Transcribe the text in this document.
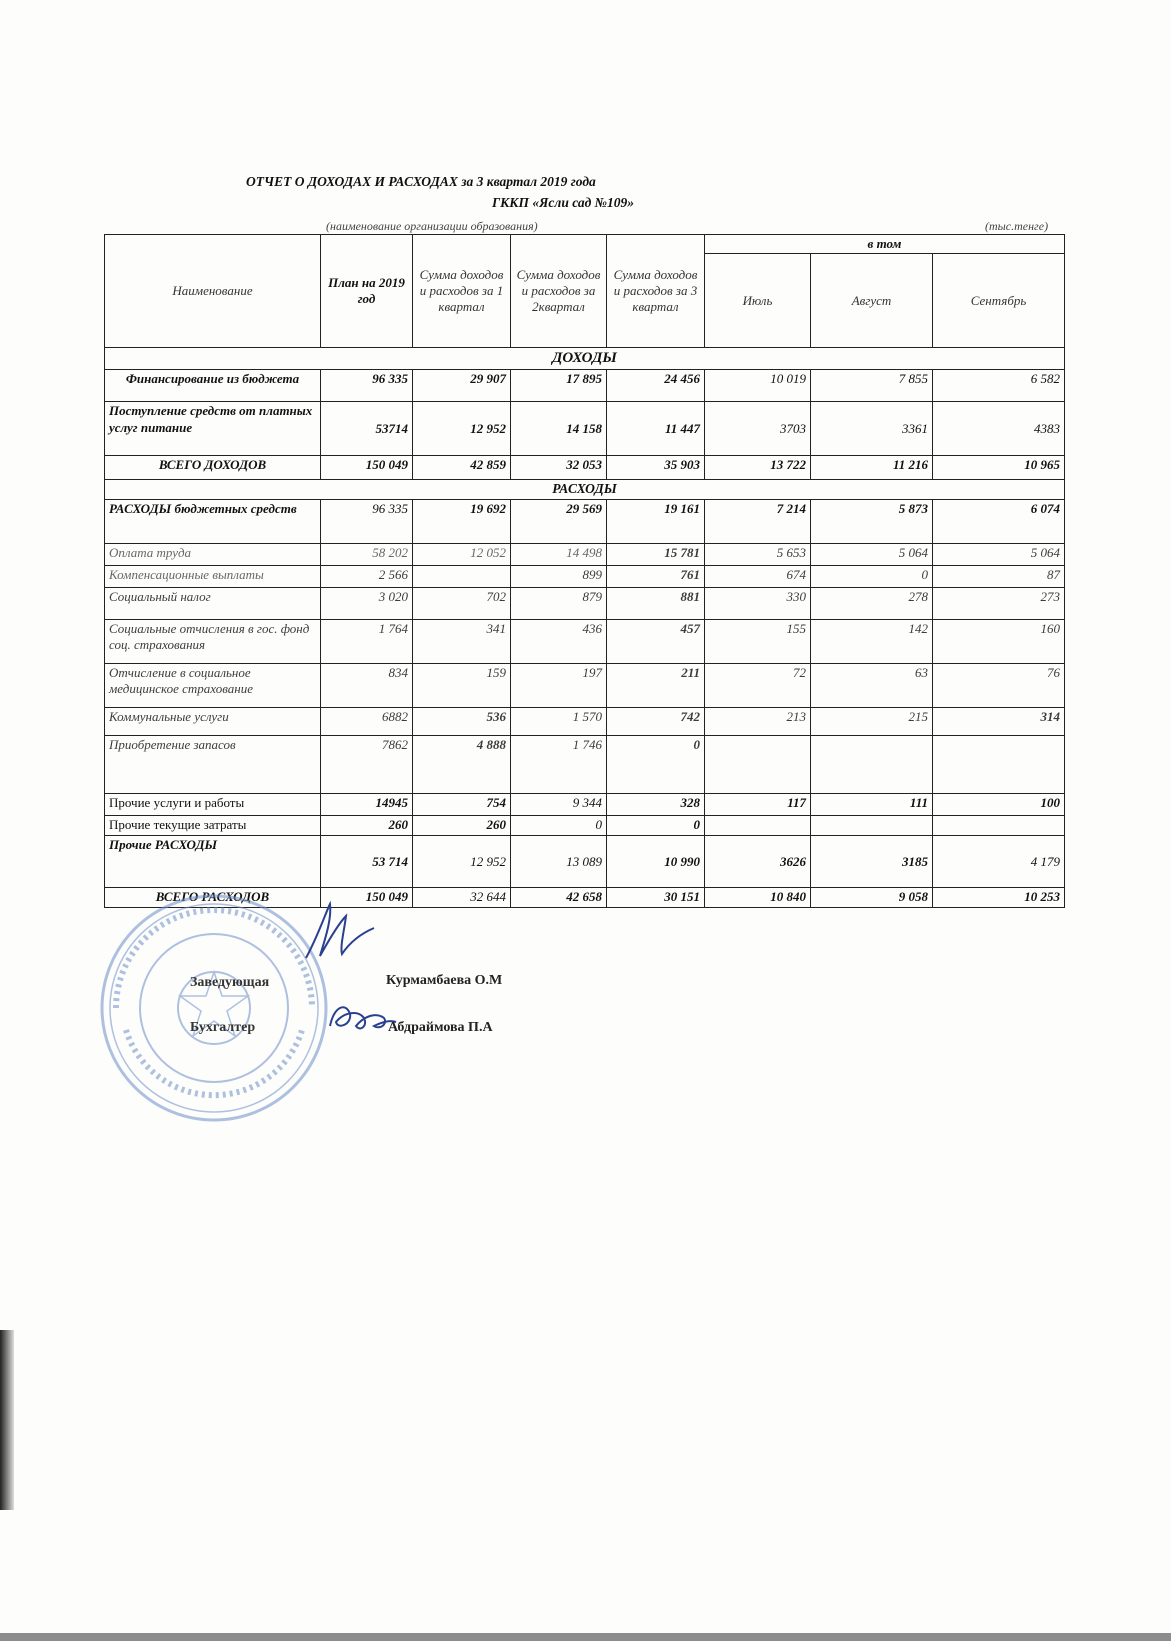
ОТЧЕТ О ДОХОДАХ И РАСХОДАХ за 3 квартал 2019 года
ГККП «Ясли сад №109»
(наименование организации образования)	(тыс.тенге)
Наименование	План на 2019 год	Сумма доходов и расходов за 1 квартал	Сумма доходов и расходов за 2квартал	Сумма доходов и расходов за 3 квартал	в том		
					Июль	Август	Сентябрь
ДОХОДЫ							
Финансирование из бюджета	96 335	29 907	17 895	24 456	10 019	7 855	6 582
Поступление средств от платных услуг питание	53714	12 952	14 158	11 447	3703	3361	4383
ВСЕГО ДОХОДОВ	150 049	42 859	32 053	35 903	13 722	11 216	10 965
РАСХОДЫ							
РАСХОДЫ бюджетных средств	96 335	19 692	29 569	19 161	7 214	5 873	6 074
Оплата труда	58 202	12 052	14 498	15 781	5 653	5 064	5 064
Компенсационные выплаты	2 566		899	761	674	0	87
Социальный налог	3 020	702	879	881	330	278	273
Социальные отчисления в гос. фонд соц. страхования	1 764	341	436	457	155	142	160
Отчисление в социальное медицинское страхование	834	159	197	211	72	63	76
Коммунальные услуги	6882	536	1 570	742	213	215	314
Приобретение запасов	7862	4 888	1 746	0			
Прочие услуги и работы	14945	754	9 344	328	117	111	100
Прочие текущие затраты	260	260	0	0			
Прочие РАСХОДЫ	53 714	12 952	13 089	10 990	3626	3185	4 179
ВСЕГО РАСХОДОВ	150 049	32 644	42 658	30 151	10 840	9 058	10 253
Заведующая	Курмамбаева О.М
Бухгалтер	Абдраймова П.А
